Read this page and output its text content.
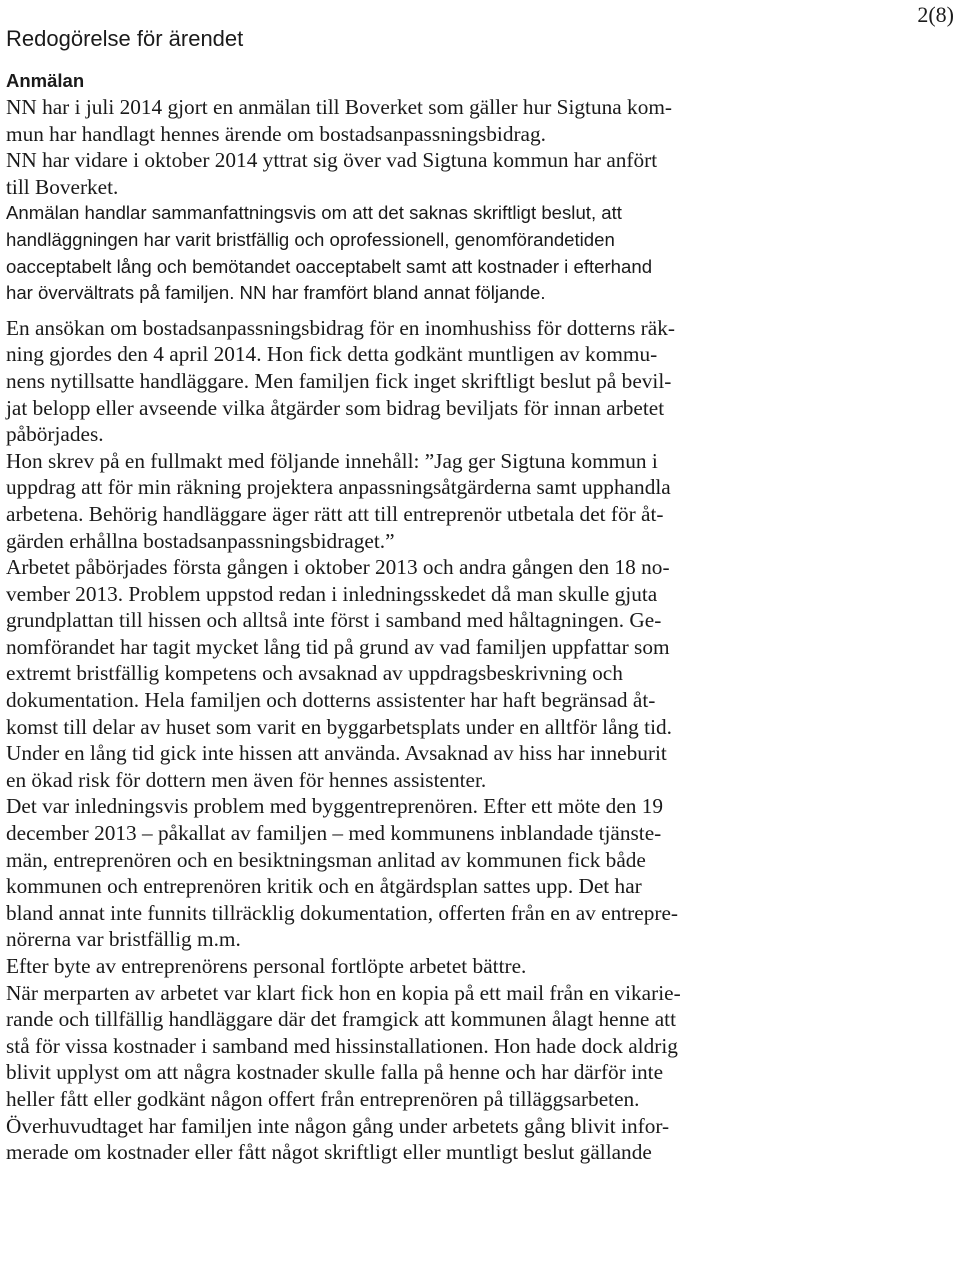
2(8)
Redogörelse för ärendet

Anmälan

NN har i juli 2014 gjort en anmälan till Boverket som gäller hur Sigtuna kom-
mun har handlagt hennes ärende om bostadsanpassningsbidrag.
NN har vidare i oktober 2014 yttrat sig över vad Sigtuna kommun har anfört
till Boverket.
Anmälan handlar sammanfattningsvis om att det saknas skriftligt beslut, att
handläggningen har varit bristfällig och oprofessionell, genomförandetiden
oacceptabelt lång och bemötandet oacceptabelt samt att kostnader i efterhand
har övervältrats på familjen. NN har framfört bland annat följande.
En ansökan om bostadsanpassningsbidrag för en inomhushiss för dotterns räk-
ning gjordes den 4 april 2014. Hon fick detta godkänt muntligen av kommu-
nens nytillsatte handläggare. Men familjen fick inget skriftligt beslut på bevil-
jat belopp eller avseende vilka åtgärder som bidrag beviljats för innan arbetet
påbörjades.
Hon skrev på en fullmakt med följande innehåll: ”Jag ger Sigtuna kommun i
uppdrag att för min räkning projektera anpassningsåtgärderna samt upphandla
arbetena. Behörig handläggare äger rätt att till entreprenör utbetala det för åt-
gärden erhållna bostadsanpassningsbidraget.”
Arbetet påbörjades första gången i oktober 2013 och andra gången den 18 no-
vember 2013. Problem uppstod redan i inledningsskedet då man skulle gjuta
grundplattan till hissen och alltså inte först i samband med håltagningen. Ge-
nomförandet har tagit mycket lång tid på grund av vad familjen uppfattar som
extremt bristfällig kompetens och avsaknad av uppdragsbeskrivning och
dokumentation. Hela familjen och dotterns assistenter har haft begränsad åt-
komst till delar av huset som varit en byggarbetsplats under en alltför lång tid.
Under en lång tid gick inte hissen att använda. Avsaknad av hiss har inneburit
en ökad risk för dottern men även för hennes assistenter.
Det var inledningsvis problem med byggentreprenören. Efter ett möte den 19
december 2013 – påkallat av familjen – med kommunens inblandade tjänste-
män, entreprenören och en besiktningsman anlitad av kommunen fick både
kommunen och entreprenören kritik och en åtgärdsplan sattes upp. Det har
bland annat inte funnits tillräcklig dokumentation, offerten från en av entrepre-
nörerna var bristfällig m.m.
Efter byte av entreprenörens personal fortlöpte arbetet bättre.
När merparten av arbetet var klart fick hon en kopia på ett mail från en vikarie-
rande och tillfällig handläggare där det framgick att kommunen ålagt henne att
stå för vissa kostnader i samband med hissinstallationen. Hon hade dock aldrig
blivit upplyst om att några kostnader skulle falla på henne och har därför inte
heller fått eller godkänt någon offert från entreprenören på tilläggsarbeten.
Överhuvudtaget har familjen inte någon gång under arbetets gång blivit infor-
merade om kostnader eller fått något skriftligt eller muntligt beslut gällande
